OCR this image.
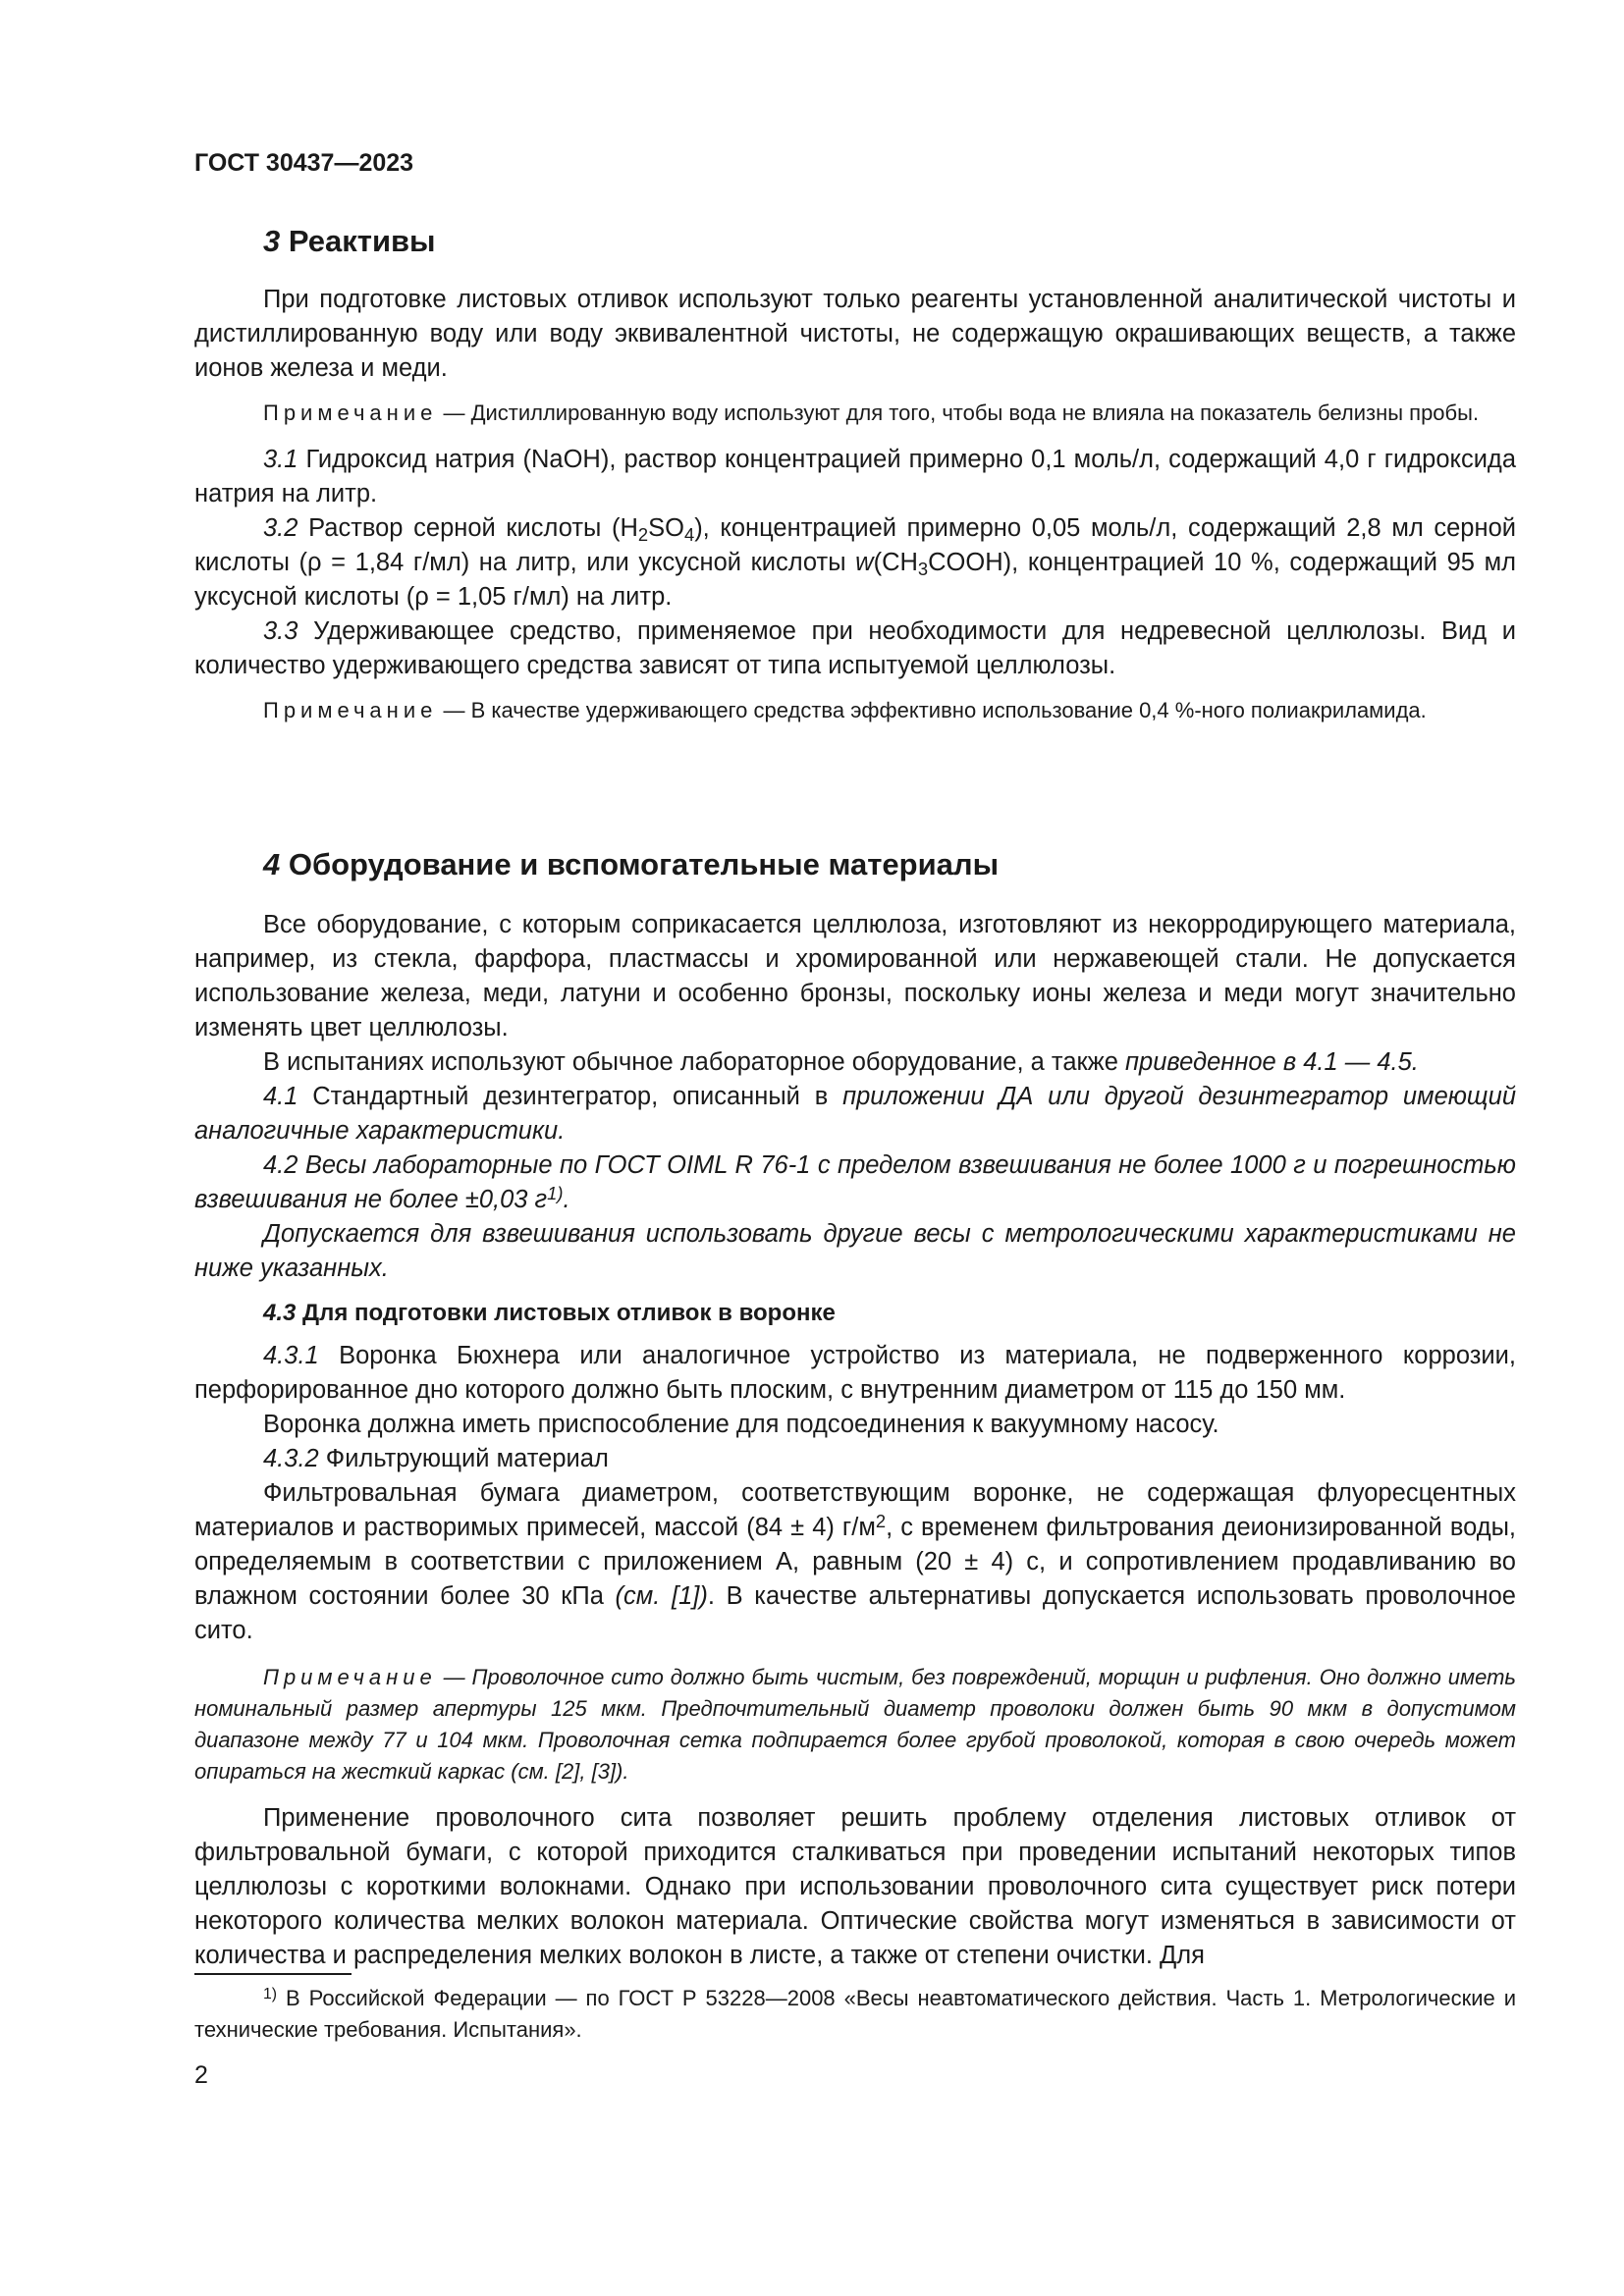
ГОСТ 30437—2023
3 Реактивы

При подготовке листовых отливок используют только реагенты установленной аналитической чистоты и дистиллированную воду или воду эквивалентной чистоты, не содержащую окрашивающих веществ, а также ионов железа и меди.

Примечание — Дистиллированную воду используют для того, чтобы вода не влияла на показатель белизны пробы.

3.1 Гидроксид натрия (NaOH), раствор концентрацией примерно 0,1 моль/л, содержащий 4,0 г гидроксида натрия на литр.

3.2 Раствор серной кислоты $(H_2SO_4)$, концентрацией примерно 0,05 моль/л, содержащий 2,8 мл серной кислоты (ρ = 1,84 г/мл) на литр, или уксусной кислоты $w(CH_3COOH)$, концентрацией 10 %, содержащий 95 мл уксусной кислоты (ρ = 1,05 г/мл) на литр.

3.3 Удерживающее средство, применяемое при необходимости для недревесной целлюлозы. Вид и количество удерживающего средства зависят от типа испытуемой целлюлозы.

Примечание — В качестве удерживающего средства эффективно использование 0,4 %-ного полиакриламида.

4 Оборудование и вспомогательные материалы

Все оборудование, с которым соприкасается целлюлоза, изготовляют из некорродирующего материала, например, из стекла, фарфора, пластмассы и хромированной или нержавеющей стали. Не допускается использование железа, меди, латуни и особенно бронзы, поскольку ионы железа и меди могут значительно изменять цвет целлюлозы.

В испытаниях используют обычное лабораторное оборудование, а также приведенное в 4.1 — 4.5.

4.1 Стандартный дезинтегратор, описанный в приложении ДА или другой дезинтегратор имеющий аналогичные характеристики.

4.2 Весы лабораторные по ГОСТ OIML R 76-1 с пределом взвешивания не более 1000 г и погрешностью взвешивания не более ±0,03 $г^{1)}$.

Допускается для взвешивания использовать другие весы с метрологическими характеристиками не ниже указанных.

4.3 Для подготовки листовых отливок в воронке

4.3.1 Воронка Бюхнера или аналогичное устройство из материала, не подверженного коррозии, перфорированное дно которого должно быть плоским, с внутренним диаметром от 115 до 150 мм.

Воронка должна иметь приспособление для подсоединения к вакуумному насосу.

4.3.2 Фильтрующий материал

Фильтровальная бумага диаметром, соответствующим воронке, не содержащая флуоресцентных материалов и растворимых примесей, массой (84 ± 4) $г/м^2$, с временем фильтрования деионизированной воды, определяемым в соответствии с приложением А, равным (20 ± 4) с, и сопротивлением продавливанию во влажном состоянии более 30 кПа (см. [1]). В качестве альтернативы допускается использовать проволочное сито.

Примечание — Проволочное сито должно быть чистым, без повреждений, морщин и рифления. Оно должно иметь номинальный размер апертуры 125 мкм. Предпочтительный диаметр проволоки должен быть 90 мкм в допустимом диапазоне между 77 и 104 мкм. Проволочная сетка подпирается более грубой проволокой, которая в свою очередь может опираться на жесткий каркас (см. [2], [3]).

Применение проволочного сита позволяет решить проблему отделения листовых отливок от фильтровальной бумаги, с которой приходится сталкиваться при проведении испытаний некоторых типов целлюлозы с короткими волокнами. Однако при использовании проволочного сита существует риск потери некоторого количества мелких волокон материала. Оптические свойства могут изменяться в зависимости от количества и распределения мелких волокон в листе, а также от степени очистки. Для

$^{1)}$ В Российской Федерации — по ГОСТ Р 53228—2008 «Весы неавтоматического действия. Часть 1. Метрологические и технические требования. Испытания».
2
